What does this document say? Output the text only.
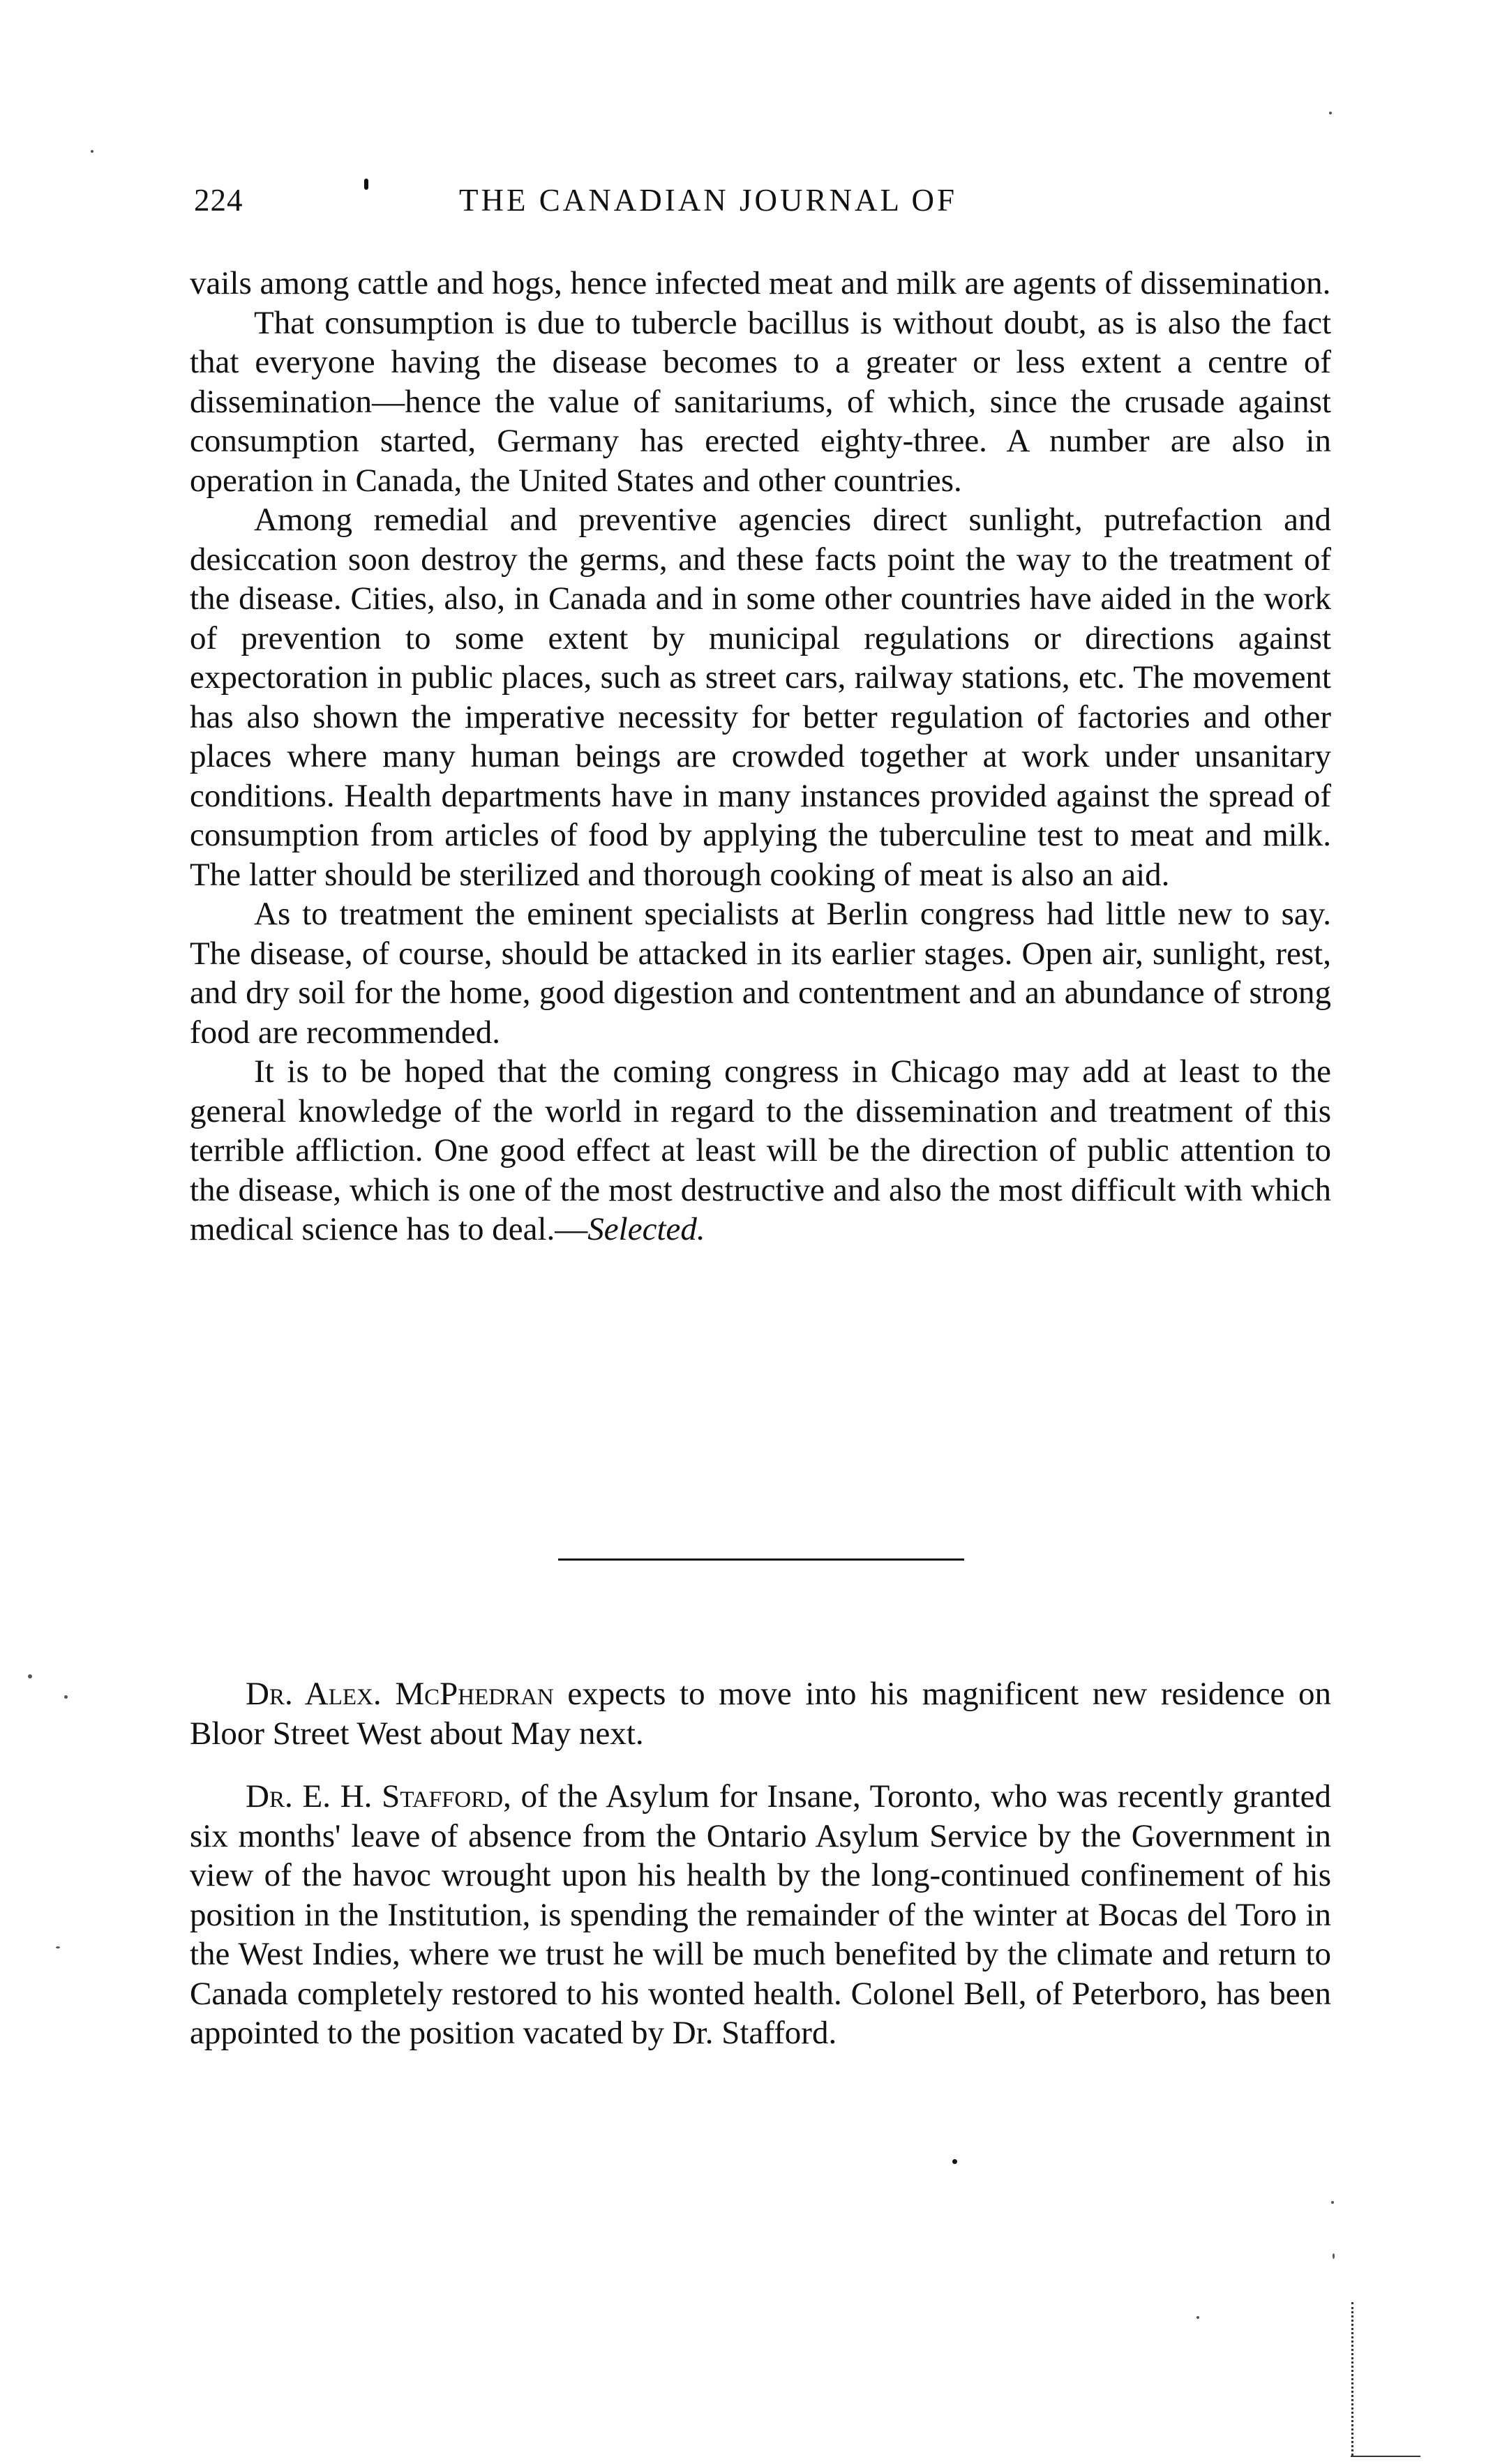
224	THE CANADIAN JOURNAL OF

vails among cattle and hogs, hence infected meat and milk are agents of dissemination.

That consumption is due to tubercle bacillus is without doubt, as is also the fact that everyone having the disease becomes to a greater or less extent a centre of dissemination—hence the value of sanitariums, of which, since the crusade against consumption started, Germany has erected eighty-three. A number are also in operation in Canada, the United States and other countries.

Among remedial and preventive agencies direct sunlight, putrefaction and desiccation soon destroy the germs, and these facts point the way to the treatment of the disease. Cities, also, in Canada and in some other countries have aided in the work of prevention to some extent by municipal regulations or directions against expectoration in public places, such as street cars, railway stations, etc. The movement has also shown the imperative necessity for better regulation of factories and other places where many human beings are crowded together at work under unsanitary conditions. Health departments have in many instances provided against the spread of consumption from articles of food by applying the tuberculine test to meat and milk. The latter should be sterilized and thorough cooking of meat is also an aid.

As to treatment the eminent specialists at Berlin congress had little new to say. The disease, of course, should be attacked in its earlier stages. Open air, sunlight, rest, and dry soil for the home, good digestion and contentment and an abundance of strong food are recommended.

It is to be hoped that the coming congress in Chicago may add at least to the general knowledge of the world in regard to the dissemination and treatment of this terrible affliction. One good effect at least will be the direction of public attention to the disease, which is one of the most destructive and also the most difficult with which medical science has to deal.—Selected.

Dr. Alex. McPhedran expects to move into his magnificent new residence on Bloor Street West about May next.

Dr. E. H. Stafford, of the Asylum for Insane, Toronto, who was recently granted six months' leave of absence from the Ontario Asylum Service by the Government in view of the havoc wrought upon his health by the long-continued confinement of his position in the Institution, is spending the remainder of the winter at Bocas del Toro in the West Indies, where we trust he will be much benefited by the climate and return to Canada completely restored to his wonted health. Colonel Bell, of Peterboro, has been appointed to the position vacated by Dr. Stafford.
